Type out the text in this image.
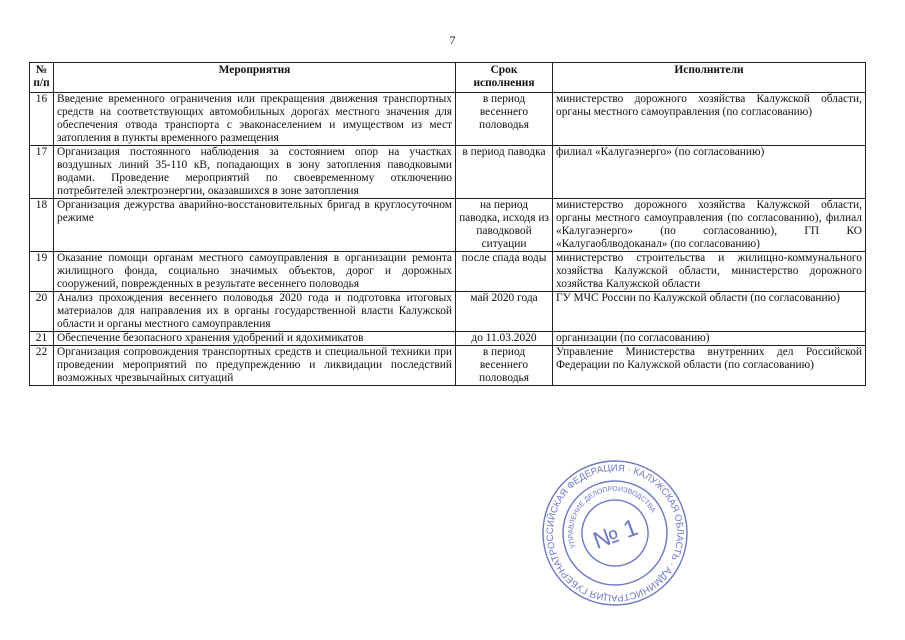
7
№ п/п	Мероприятия	Срок исполнения	Исполнители
16	Введение временного ограничения или прекращения движения транспортных средств на соответствующих автомобильных дорогах местного значения для обеспечения отвода транспорта с эваконаселением и имуществом из мест затопления в пункты временного размещения	в период весеннего половодья	министерство дорожного хозяйства Калужской области, органы местного самоуправления (по согласованию)
17	Организация постоянного наблюдения за состоянием опор на участках воздушных линий 35-110 кВ, попадающих в зону затопления паводковыми водами. Проведение мероприятий по своевременному отключению потребителей электроэнергии, оказавшихся в зоне затопления	в период паводка	филиал «Калугаэнерго» (по согласованию)
18	Организация дежурства аварийно-восстановительных бригад в круглосуточном режиме	на период паводка, исходя из паводковой ситуации	министерство дорожного хозяйства Калужской области, органы местного самоуправления (по согласованию), филиал «Калугаэнерго» (по согласованию), ГП КО «Калугаоблводоканал» (по согласованию)
19	Оказание помощи органам местного самоуправления в организации ремонта жилищного фонда, социально значимых объектов, дорог и дорожных сооружений, поврежденных в результате весеннего половодья	после спада воды	министерство строительства и жилищно-коммунального хозяйства Калужской области, министерство дорожного хозяйства Калужской области
20	Анализ прохождения весеннего половодья 2020 года и подготовка итоговых материалов для направления их в органы государственной власти Калужской области и органы местного самоуправления	май 2020 года	ГУ МЧС России по Калужской области (по согласованию)
21	Обеспечение безопасного хранения удобрений и ядохимикатов	до 11.03.2020	организации (по согласованию)
22	Организация сопровождения транспортных средств и специальной техники при проведении мероприятий по предупреждению и ликвидации последствий возможных чрезвычайных ситуаций	в период весеннего половодья	Управление Министерства внутренних дел Российской Федерации по Калужской области (по согласованию)
РОССИЙСКАЯ ФЕДЕРАЦИЯ · КАЛУЖСКАЯ ОБЛАСТЬ · АДМИНИСТРАЦИЯ ГУБЕРНАТОРА
УПРАВЛЕНИЕ ДЕЛОПРОИЗВОДСТВА
№ 1
